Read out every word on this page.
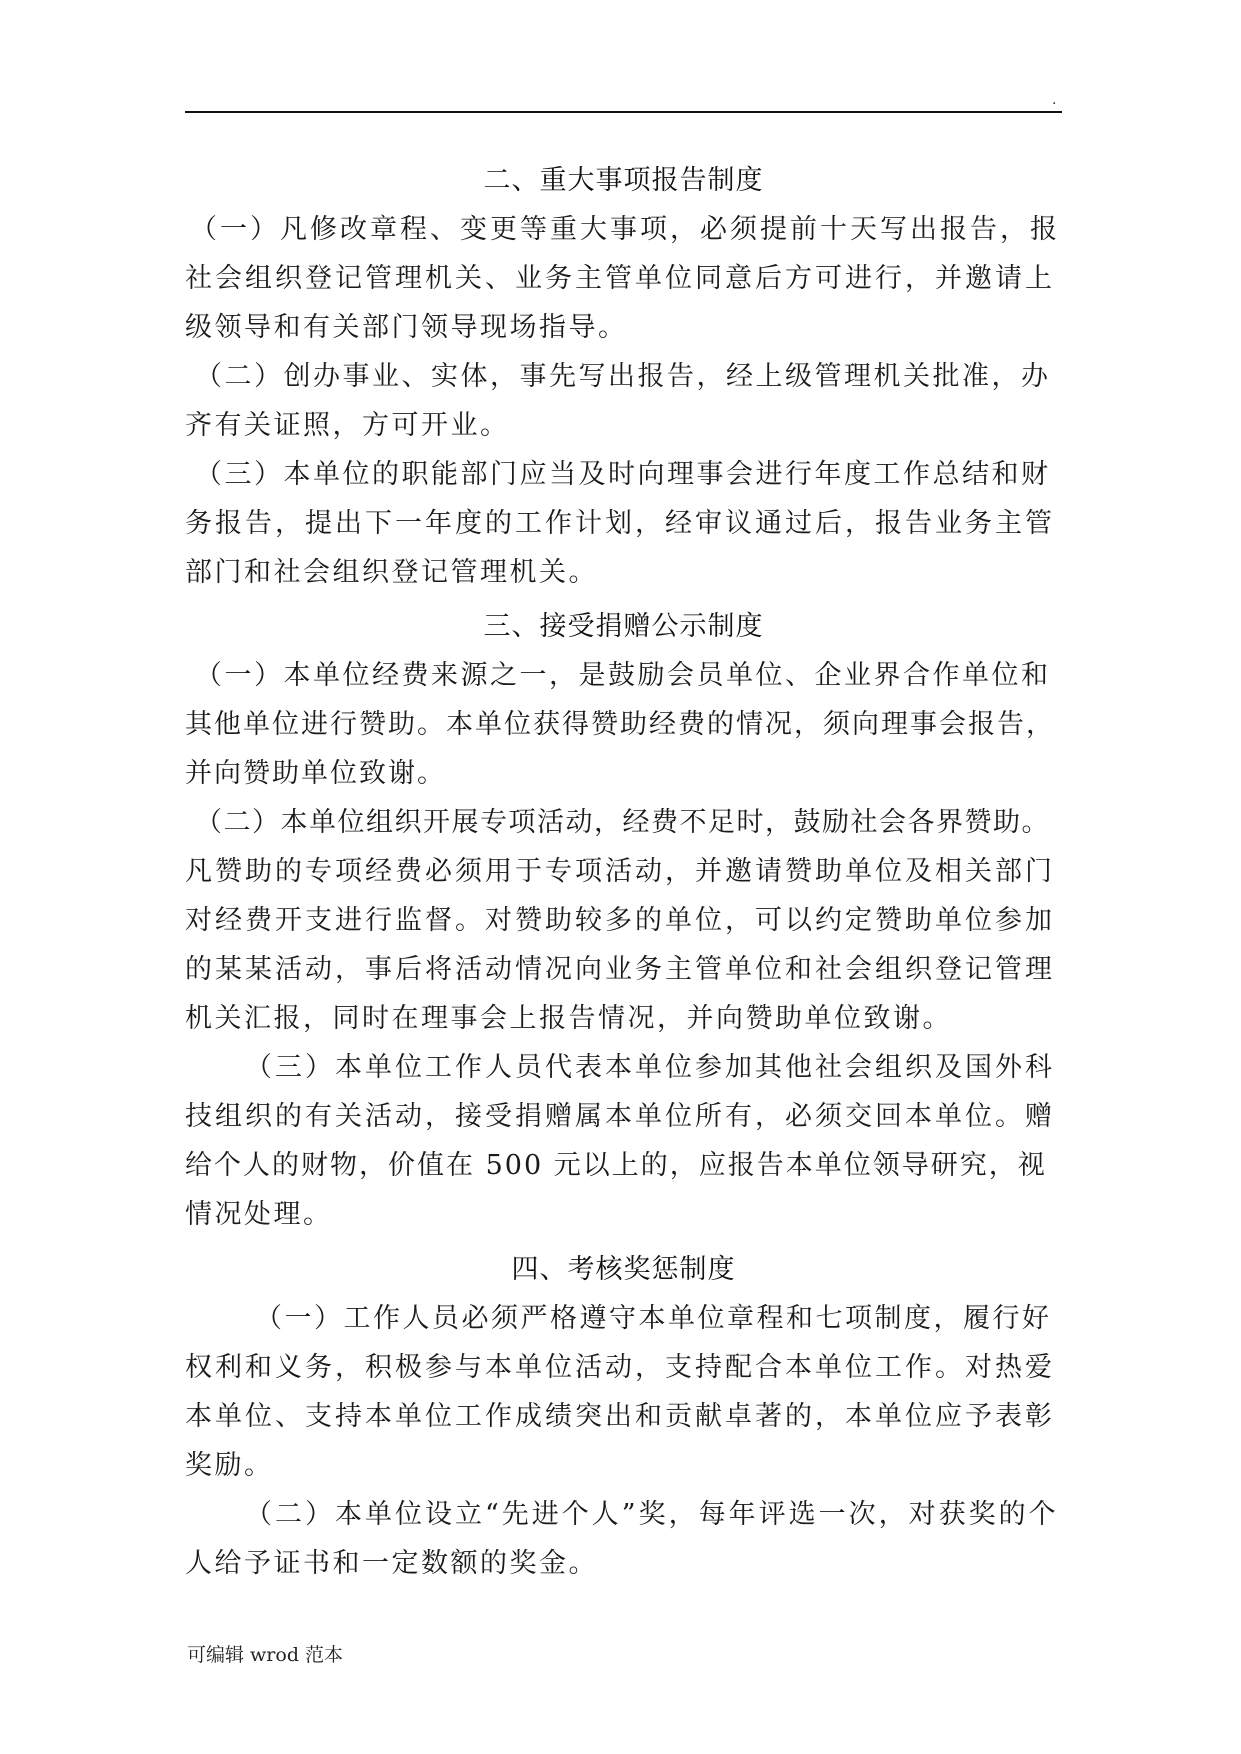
.
二、重大事项报告制度
（一）凡修改章程、变更等重大事项，必须提前十天写出报告，报
社会组织登记管理机关、业务主管单位同意后方可进行，并邀请上
级领导和有关部门领导现场指导。
（二）创办事业、实体，事先写出报告，经上级管理机关批准，办
齐有关证照，方可开业。
（三）本单位的职能部门应当及时向理事会进行年度工作总结和财
务报告，提出下一年度的工作计划，经审议通过后，报告业务主管
部门和社会组织登记管理机关。
三、接受捐赠公示制度
（一）本单位经费来源之一，是鼓励会员单位、企业界合作单位和
其他单位进行赞助。本单位获得赞助经费的情况，须向理事会报告，
并向赞助单位致谢。
（二）本单位组织开展专项活动，经费不足时，鼓励社会各界赞助。
凡赞助的专项经费必须用于专项活动，并邀请赞助单位及相关部门
对经费开支进行监督。对赞助较多的单位，可以约定赞助单位参加
的某某活动，事后将活动情况向业务主管单位和社会组织登记管理
机关汇报，同时在理事会上报告情况，并向赞助单位致谢。
（三）本单位工作人员代表本单位参加其他社会组织及国外科
技组织的有关活动，接受捐赠属本单位所有，必须交回本单位。赠
给个人的财物，价值在 500 元以上的，应报告本单位领导研究，视
情况处理。
四、考核奖惩制度
（一）工作人员必须严格遵守本单位章程和七项制度，履行好
权利和义务，积极参与本单位活动，支持配合本单位工作。对热爱
本单位、支持本单位工作成绩突出和贡献卓著的，本单位应予表彰
奖励。
（二）本单位设立“先进个人”奖，每年评选一次，对获奖的个
人给予证书和一定数额的奖金。
可编辑 wrod 范本
